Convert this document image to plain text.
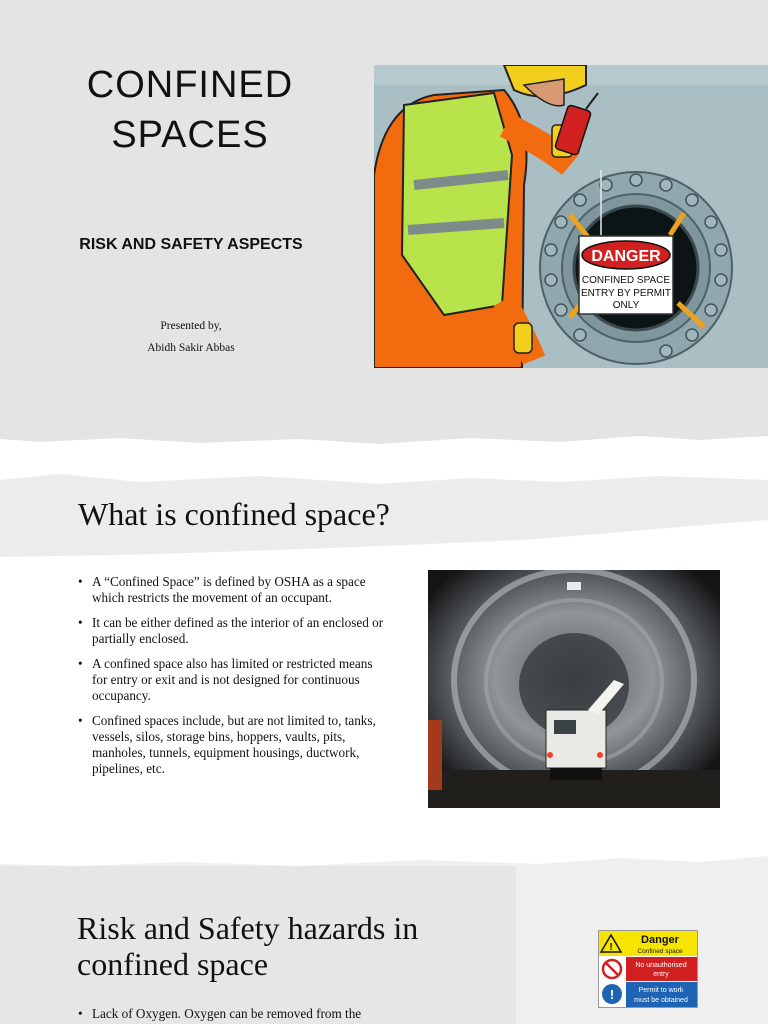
CONFINED
SPACES
RISK AND SAFETY ASPECTS
Presented by,
Abidh Sakir Abbas
DANGER
CONFINED SPACE
ENTRY BY PERMIT
ONLY
What is confined space?
• A “Confined Space” is defined by OSHA as a space which restricts the movement of an occupant.
• It can be either defined as the interior of an enclosed or partially enclosed.
• A confined space also has limited or restricted means for entry or exit and is not designed for continuous occupancy.
• Confined spaces include, but are not limited to, tanks, vessels, silos, storage bins, hoppers, vaults, pits, manholes, tunnels, equipment housings, ductwork, pipelines, etc.
Risk and Safety hazards in
confined space
• Lack of Oxygen. Oxygen can be removed from the
!
Danger
Confined space
No unauthorised
entry
!	Permit to work
must be obtained
